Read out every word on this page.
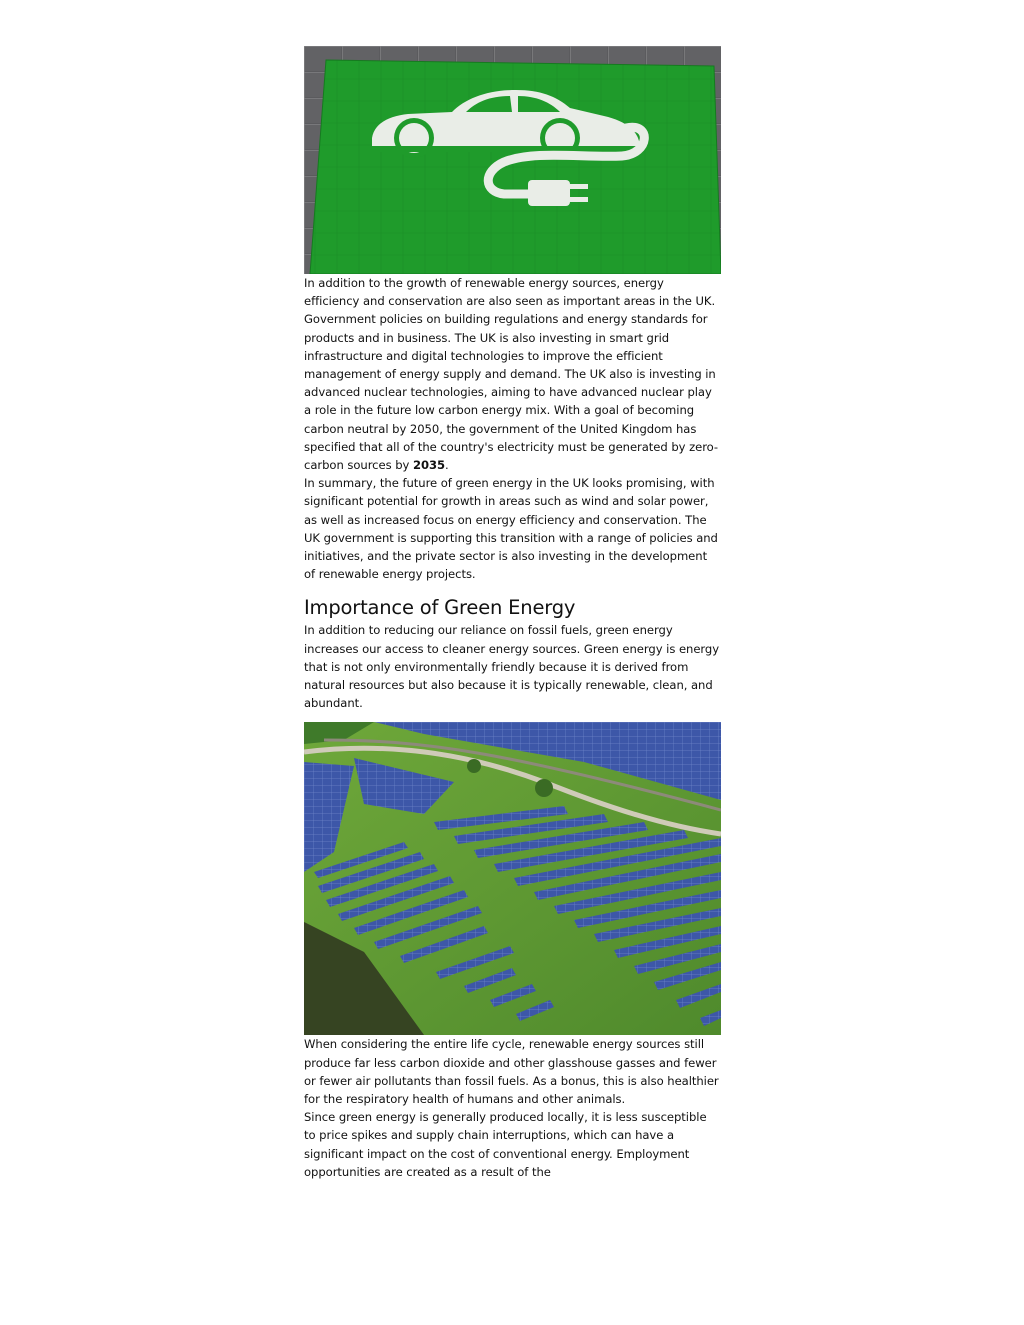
In addition to the growth of renewable energy sources, energy efficiency and conservation are also seen as important areas in the UK. Government policies on building regulations and energy standards for products and in business. The UK is also investing in smart grid infrastructure and digital technologies to improve the efficient management of energy supply and demand. The UK also is investing in advanced nuclear technologies, aiming to have advanced nuclear play a role in the future low carbon energy mix. With a goal of becoming carbon neutral by 2050, the government of the United Kingdom has specified that all of the country's electricity must be generated by zero-carbon sources by 2035.

In summary, the future of green energy in the UK looks promising, with significant potential for growth in areas such as wind and solar power, as well as increased focus on energy efficiency and conservation. The UK government is supporting this transition with a range of policies and initiatives, and the private sector is also investing in the development of renewable energy projects.

Importance of Green Energy

In addition to reducing our reliance on fossil fuels, green energy increases our access to cleaner energy sources. Green energy is energy that is not only environmentally friendly because it is derived from natural resources but also because it is typically renewable, clean, and abundant.

When considering the entire life cycle, renewable energy sources still produce far less carbon dioxide and other glasshouse gasses and fewer or fewer air pollutants than fossil fuels. As a bonus, this is also healthier for the respiratory health of humans and other animals.

Since green energy is generally produced locally, it is less susceptible to price spikes and supply chain interruptions, which can have a significant impact on the cost of conventional energy. Employment opportunities are created as a result of the
